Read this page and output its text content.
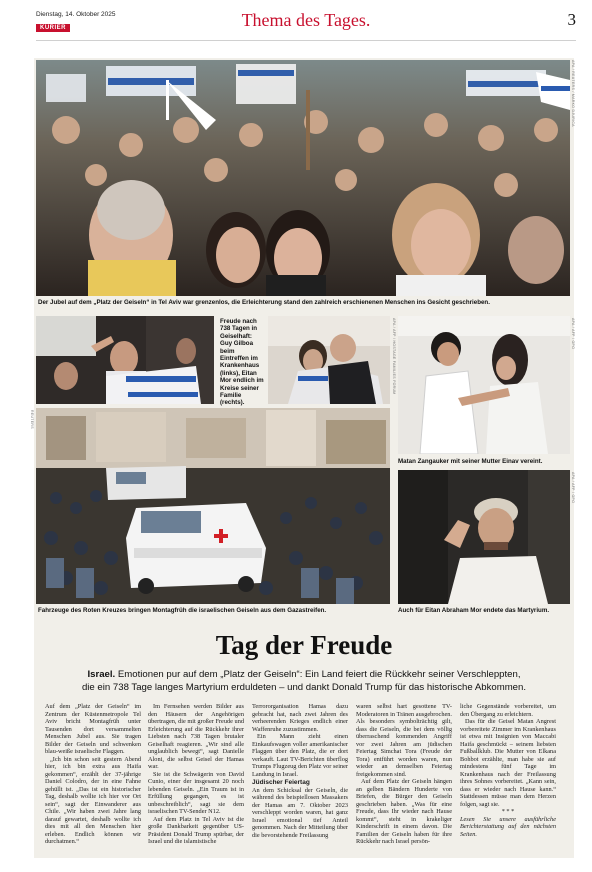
Dienstag, 14. Oktober 2025
KURIER	Thema des Tages.	3
APA / REUTERS / MARKO DJURICA
Der Jubel auf dem „Platz der Geiseln“ in Tel Aviv war grenzenlos, die Erleichterung stand den zahlreich erschienenen Menschen ins Gesicht geschrieben.
Freude nach 738 Tagen in Geiselhaft: Guy Gilboa beim Eintreffen im Krankenhaus (links), Eitan Mor endlich im Kreise seiner Familie (rechts).
APA / AFP / HOSTAGE FAMILIES FORUM	APA / AFP / GPO
Matan Zangauker mit seiner Mutter Einav vereint.
REUTERS
Fahrzeuge des Roten Kreuzes bringen Montagfrüh die israelischen Geiseln aus dem Gazastreifen.
APA / AFP / GPO
Auch für Eitan Abraham Mor endete das Martyrium.
Tag der Freude
Israel. Emotionen pur auf dem „Platz der Geiseln“: Ein Land feiert die Rückkehr seiner Verschleppten,
die ein 738 Tage langes Martyrium erduldeten – und dankt Donald Trump für das historische Abkommen.

Auf dem „Platz der Geiseln“ im Zentrum der Küstenmetropole Tel Aviv bricht Montagfrüh unter Tausenden dort versammelten Menschen Jubel aus. Sie tragen Bilder der Geiseln und schwenken blau-weiße israelische Flaggen.

„Ich bin schon seit gestern Abend hier, ich bin extra aus Haifa gekommen“, erzählt der 37-jährige Daniel Colodro, der in eine Fahne gehüllt ist. „Das ist ein historischer Tag, deshalb wollte ich hier vor Ort sein“, sagt der Einwanderer aus Chile. „Wir haben zwei Jahre lang darauf gewartet, deshalb wollte ich dies mit all den Menschen hier erleben. Endlich können wir durchatmen.“

Im Fernsehen werden Bilder aus den Häusern der Angehörigen übertragen, die mit großer Freude und Erleichterung auf die Rückkehr ihrer Liebsten nach 738 Tagen brutaler Geiselhaft reagieren. „Wir sind alle unglaublich bewegt“, sagt Danielle Aloni, die selbst Geisel der Hamas war.

Sie ist die Schwägerin von David Cunio, einer der insgesamt 20 noch lebenden Geiseln. „Ein Traum ist in Erfüllung gegangen, es ist unbeschreiblich“, sagt sie dem israelischen TV-Sender N12.

Auf dem Platz in Tel Aviv ist die große Dankbarkeit gegenüber US-Präsident Donald Trump spürbar, der Israel und die islamistische

Terrororganisation Hamas dazu gebracht hat, nach zwei Jahren des verheerenden Krieges endlich einer Waffenruhe zuzustimmen.

Ein Mann zieht einen Einkaufswagen voller amerikanischer Flaggen über den Platz, die er dort verkauft. Laut TV-Berichten überflog Trumps Flugzeug den Platz vor seiner Landung in Israel.

Jüdischer Feiertag

An dem Schicksal der Geiseln, die während des beispiellosen Massakers der Hamas am 7. Oktober 2023 verschleppt worden waren, hat ganz Israel emotional tief Anteil genommen. Nach der Mitteilung über die bevorstehende Freilassung

waren selbst hart gesottene TV-Moderatoren in Tränen ausgebrochen. Als besonders symbolträchtig gilt, dass die Geiseln, die bei dem völlig überraschend kommenden Angriff vor zwei Jahren am jüdischen Feiertag Simchat Tora (Freude der Tora) entführt worden waren, nun wieder an demselben Feiertag freigekommen sind.

Auf dem Platz der Geiseln hängen an gelben Bändern Hunderte von Briefen, die Bürger den Geiseln geschrieben haben. „Was für eine Freude, dass Ihr wieder nach Hause kommt“, steht in krakeliger Kinderschrift in einem davon. Die Familien der Geiseln haben für ihre Rückkehr nach Israel persön-

liche Gegenstände vorbereitet, um den Übergang zu erleichtern.

Das für die Geisel Matan Angrest vorbereitete Zimmer im Krankenhaus ist etwa mit Insignien von Maccabi Haifa geschmückt – seinem liebsten Fußballklub. Die Mutter von Elkana Bohbot erzählte, man habe sie auf mindestens fünf Tage im Krankenhaus nach der Freilassung ihres Sohnes vorbereitet. „Kann sein, dass er wieder nach Hause kann.“ Stattdessen müsse man dem Herzen folgen, sagt sie.

* * *

Lesen Sie unsere ausführliche Berichterstattung auf den nächsten Seiten.
